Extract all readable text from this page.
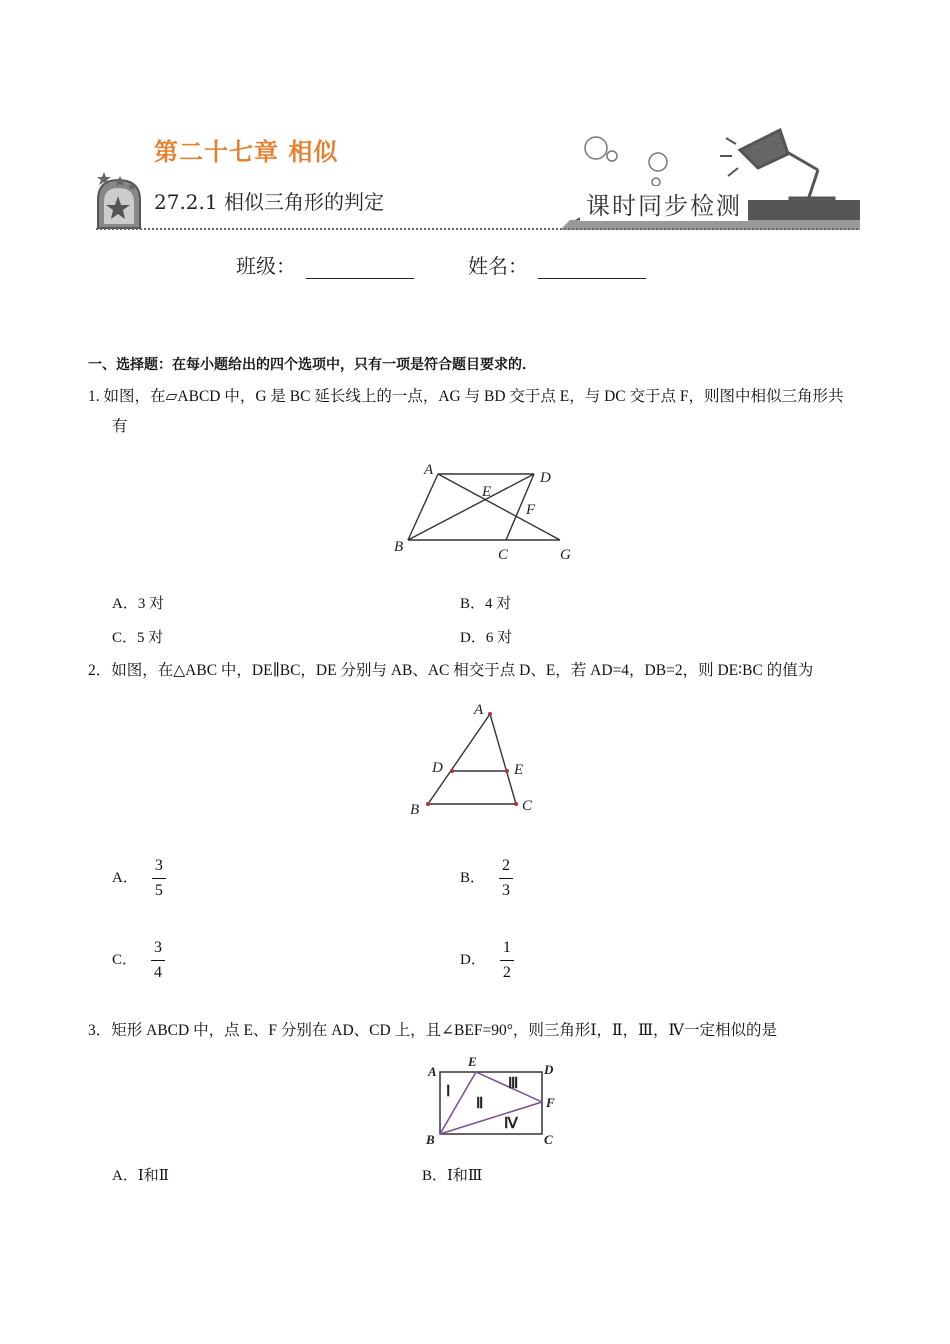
第二十七章 相似
27.2.1 相似三角形的判定	课时同步检测
班级：	姓名：
一、选择题：在每小题给出的四个选项中，只有一项是符合题目要求的．
1. 如图，在▱ABCD 中，G 是 BC 延长线上的一点，AG 与 BD 交于点 E，与 DC 交于点 F，则图中相似三角形共
有
A	D
E
F
B	C	G
A．3 对	B．4 对
C．5 对	D．6 对
2．如图，在△ABC 中，DE∥BC，DE 分别与 AB、AC 相交于点 D、E，若 AD=4，DB=2，则 DE∶BC 的值为
A
D	E
B	C
A． $\frac{3}{5}$	B． $\frac{2}{3}$
C． $\frac{3}{4}$	D． $\frac{1}{2}$
3．矩形 ABCD 中，点 E、F 分别在 AD、CD 上，且∠BEF=90°，则三角形Ⅰ，Ⅱ，Ⅲ，Ⅳ一定相似的是
A
E
D
F
B	C
Ⅰ
Ⅱ
Ⅲ
Ⅳ
A．Ⅰ和Ⅱ	B．Ⅰ和Ⅲ
